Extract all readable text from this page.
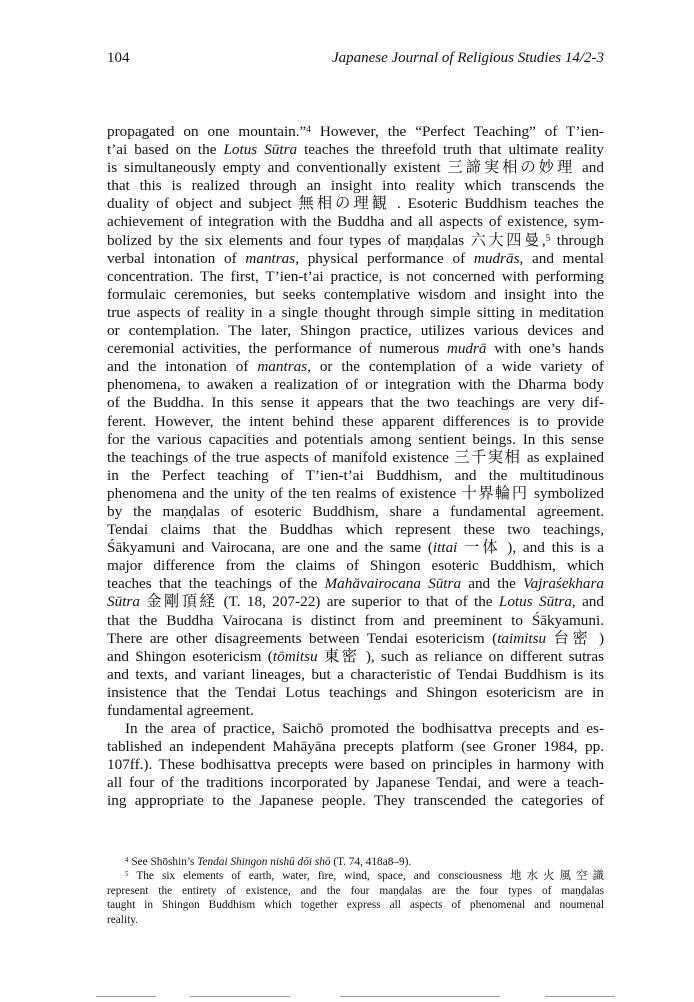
104	Japanese Journal of Religious Studies 14/2-3
propagated on one mountain.”$^4$ However, the “Perfect Teaching” of T’ien-
t’ai based on the Lotus Sūtra teaches the threefold truth that ultimate reality
is simultaneously empty and conventionally existent 三諦実相の妙理 and
that this is realized through an insight into reality which transcends the
duality of object and subject 無相の理観 . Esoteric Buddhism teaches the
achievement of integration with the Buddha and all aspects of existence, sym-
bolized by the six elements and four types of maṇḍalas 六大四曼,$^5$ through
verbal intonation of mantras, physical performance of mudrās, and mental
concentration. The first, T’ien-t’ai practice, is not concerned with performing
formulaic ceremonies, but seeks contemplative wisdom and insight into the
true aspects of reality in a single thought through simple sitting in meditation
or contemplation. The later, Shingon practice, utilizes various devices and
ceremonial activities, the performance of numerous mudrā with one’s hands
and the intonation of mantras, or the contemplation of a wide variety of
phenomena, to awaken a realization of or integration with the Dharma body
of the Buddha. In this sense it appears that the two teachings are very dif-
ferent. However, the intent behind these apparent differences is to provide
for the various capacities and potentials among sentient beings. In this sense
the teachings of the true aspects of manifold existence 三千実相 as explained
in the Perfect teaching of T’ien-t’ai Buddhism, and the multitudinous
phenomena and the unity of the ten realms of existence 十界輪円 symbolized
by the maṇḍalas of esoteric Buddhism, share a fundamental agreement.
Tendai claims that the Buddhas which represent these two teachings,
Śākyamuni and Vairocana, are one and the same (ittai 一体 ), and this is a
major difference from the claims of Shingon esoteric Buddhism, which
teaches that the teachings of the Mahāvairocana Sūtra and the Vajraśekhara
Sūtra 金剛頂経 (T. 18, 207-22) are superior to that of the Lotus Sūtra, and
that the Buddha Vairocana is distinct from and preeminent to Śākyamuni.
There are other disagreements between Tendai esotericism (taimitsu 台密 )
and Shingon esotericism (tōmitsu 東密 ), such as reliance on different sutras
and texts, and variant lineages, but a characteristic of Tendai Buddhism is its
insistence that the Tendai Lotus teachings and Shingon esotericism are in
fundamental agreement.
In the area of practice, Saichō promoted the bodhisattva precepts and es-
tablished an independent Mahāyāna precepts platform (see Groner 1984, pp.
107ff.). These bodhisattva precepts were based on principles in harmony with
all four of the traditions incorporated by Japanese Tendai, and were a teach-
ing appropriate to the Japanese people. They transcended the categories of
$^4$ See Shōshin’s Tendai Shingon nishū dōi shō (T. 74, 418a8–9).
$^5$ The six elements of earth, water, fire, wind, space, and consciousness 地水火風空識
represent the entirety of existence, and the four maṇḍalas are the four types of maṇḍalas
taught in Shingon Buddhism which together express all aspects of phenomenal and noumenal
reality.
